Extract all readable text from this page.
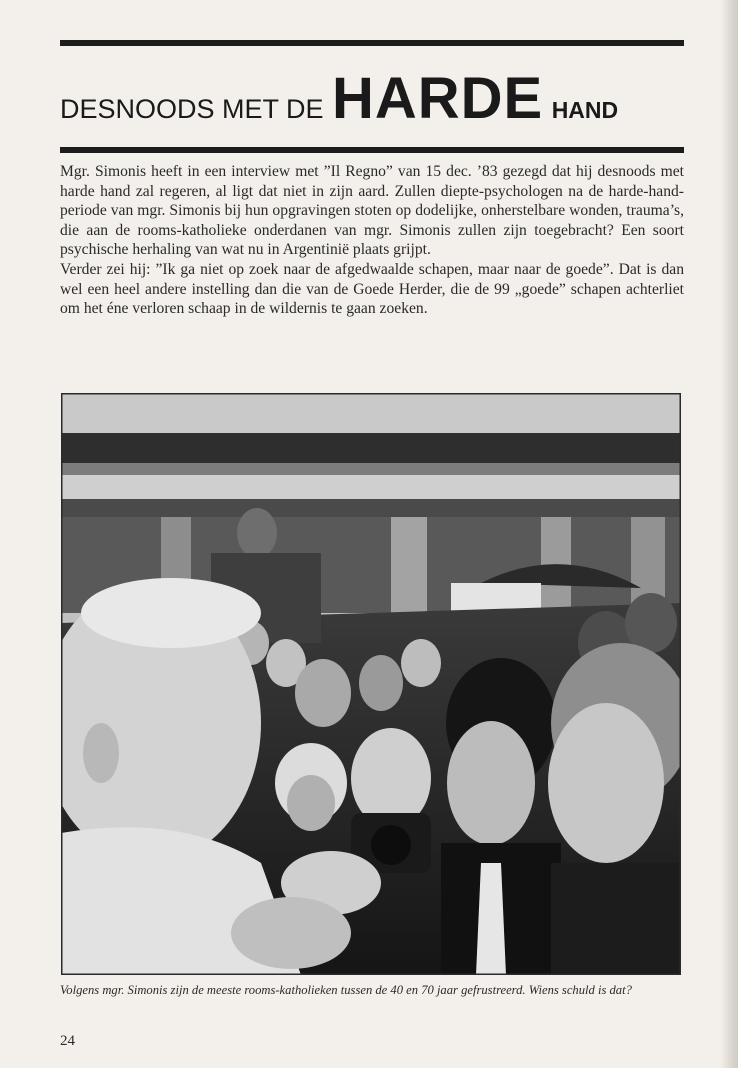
DESNOODS MET DE HARDE HAND

Mgr. Simonis heeft in een interview met ”Il Regno” van 15 dec. ’83 gezegd dat hij desnoods met harde hand zal regeren, al ligt dat niet in zijn aard. Zullen diepte-psychologen na de harde-hand-periode van mgr. Simonis bij hun opgravingen stoten op dodelijke, onherstelbare wonden, trauma’s, die aan de rooms-katholieke onderdanen van mgr. Simonis zullen zijn toegebracht? Een soort psychische herhaling van wat nu in Argentinië plaats grijpt.

Verder zei hij: ”Ik ga niet op zoek naar de afgedwaalde schapen, maar naar de goede”. Dat is dan wel een heel andere instelling dan die van de Goede Herder, die de 99 „goede” schapen achterliet om het éne verloren schaap in de wildernis te gaan zoeken.

Volgens mgr. Simonis zijn de meeste rooms-katholieken tussen de 40 en 70 jaar gefrustreerd. Wiens schuld is dat?
24
